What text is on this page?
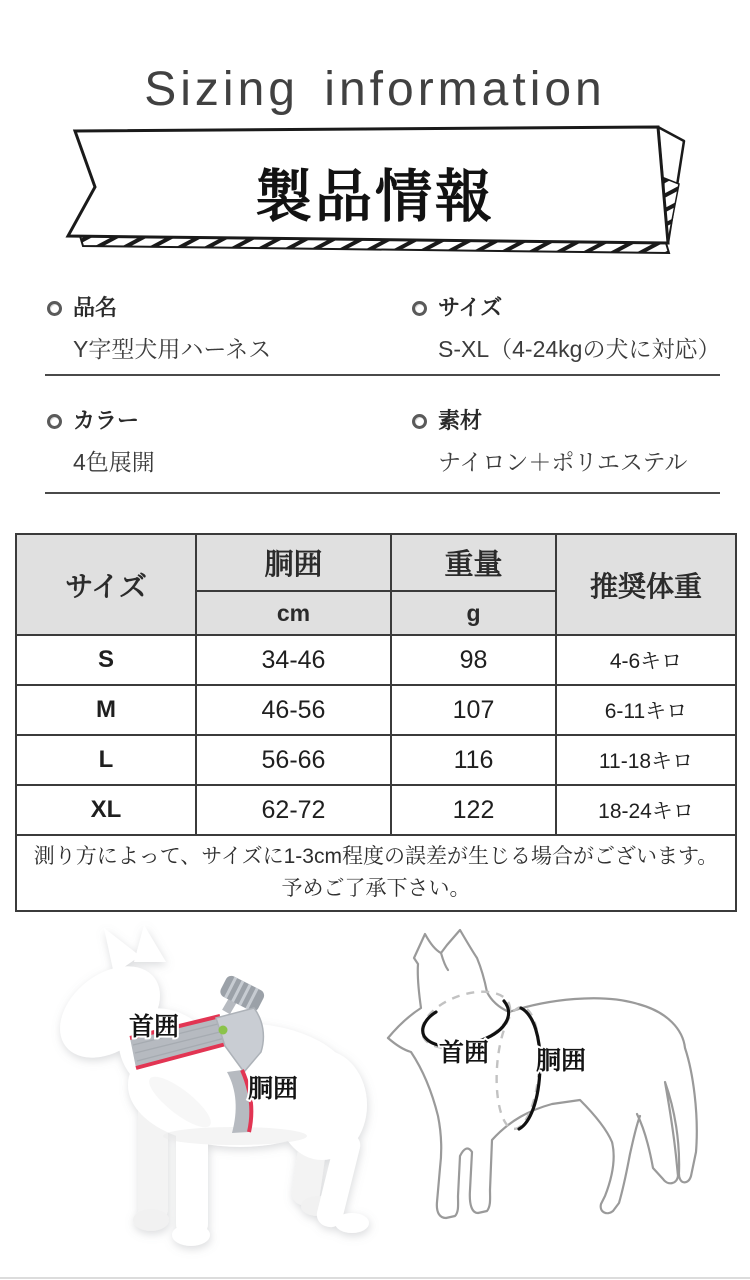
Sizing information
製品情報
品名
Y字型犬用ハーネス
サイズ
S-XL（4-24kgの犬に対応）
カラー
4色展開
素材
ナイロン＋ポリエステル
サイズ	胴囲	重量	推奨体重
	cm	g	
S	34-46	98	4-6キロ
M	46-56	107	6-11キロ
L	56-66	116	11-18キロ
XL	62-72	122	18-24キロ

測り方によって、サイズに1-3cm程度の誤差が生じる場合がございます。
予めご了承下さい。			
首囲
胴囲
首囲 胴囲
